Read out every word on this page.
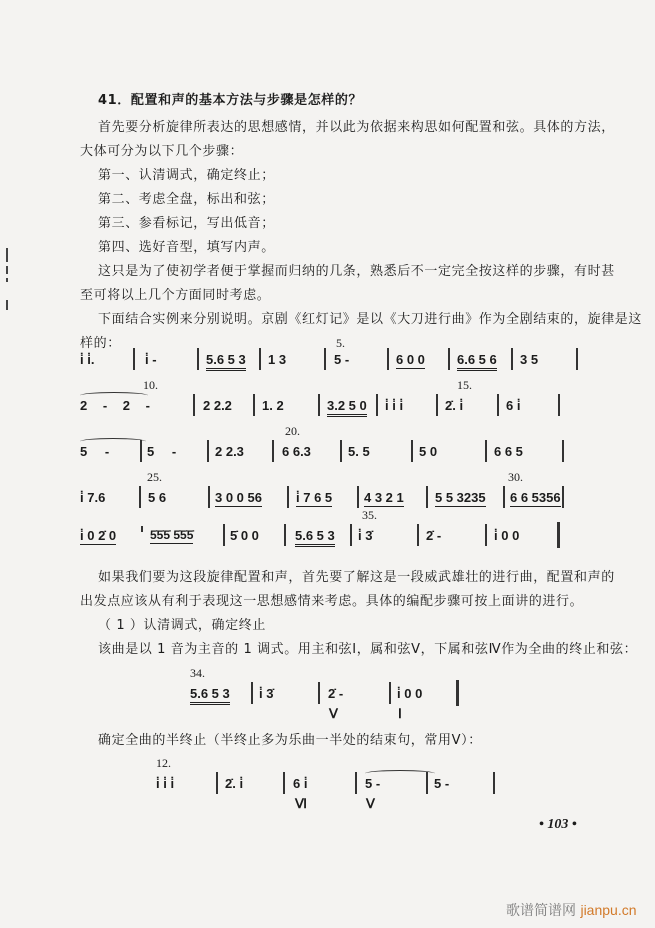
41．配置和声的基本方法与步骤是怎样的？
首先要分析旋律所表达的思想感情，并以此为依据来构思如何配置和弦。具体的方法，
大体可分为以下几个步骤：
第一、认清调式，确定终止；
第二、考虑全盘，标出和弦；
第三、参看标记，写出低音；
第四、选好音型，填写内声。
这只是为了使初学者便于掌握而归纳的几条，熟悉后不一定完全按这样的步骤，有时甚
至可将以上几个方面同时考虑。
下面结合实例来分别说明。京剧《红灯记》是以《大刀进行曲》作为全剧结束的，旋律是这
样的：	5.
i̇ i̇.	i̇ -	5.6 5 3 1 3	5 -	6 0 0 6.6 5 6 3 5
10.	15.
2 - 2 -	2 2.2 1. 2	3.2 5 0 i̇ i̇ i̇	2̇. i̇	6 i̇
20.
5 -	5 -	2 2.3	6 6.3	5. 5	5 0	6 6 5
25.	30.
i̇ 7.6	5 6	3 0 0 56	i̇ 7 6 5 4 3 2 1 5 5 3235 6 6 5356
35.
i̇ 0 2̇ 0	5̇5̇5̇ 5̇5̇5̇	5̇ 0 0	5.6 5 3 i̇ 3̇	2̇ -	i̇ 0 0
如果我们要为这段旋律配置和声，首先要了解这是一段威武雄壮的进行曲，配置和声的
出发点应该从有利于表现这一思想感情来考虑。具体的编配步骤可按上面讲的进行。
（ 1 ）认清调式，确定终止
该曲是以 1 音为主音的 1 调式。用主和弦Ⅰ，属和弦Ⅴ，下属和弦Ⅳ作为全曲的终止和弦：
34.
5.6 5 3 i̇ 3̇	2̇ -
Ⅴ
i̇ 0 0
Ⅰ
确定全曲的半终止（半终止多为乐曲一半处的结束句，常用Ⅴ）：
12.
i̇ i̇ i̇	2̇. i̇	6 i̇
Ⅵ
5 -
Ⅴ
5 -
• 103 •
歌谱简谱网 jianpu.cn
